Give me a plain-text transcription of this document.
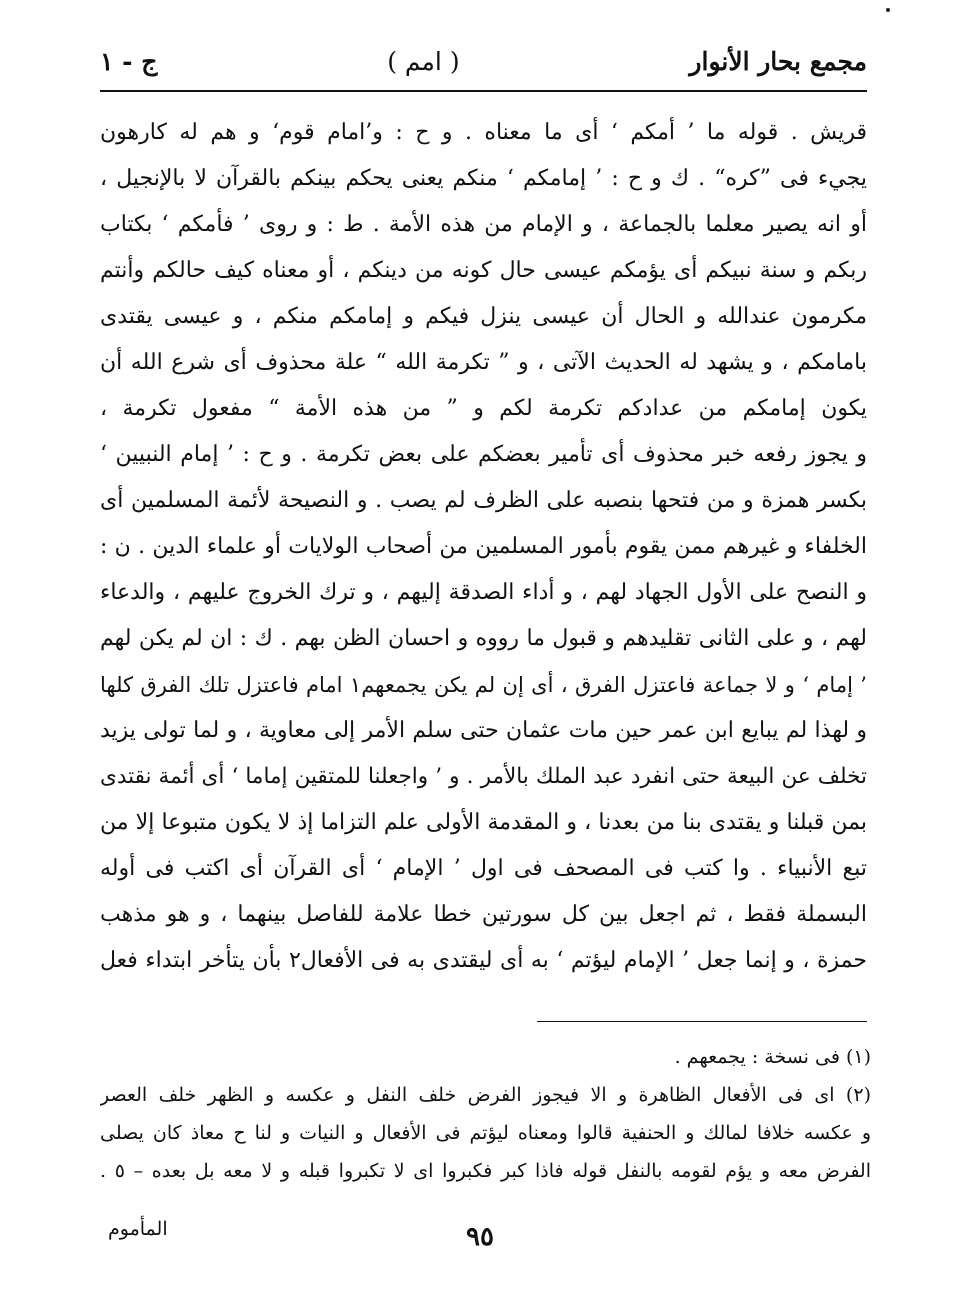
مجمع بحار الأنوار
( امم )
ج - ١
قريش . قوله ما ’ أمكم ‘ أى ما معناه . و ح : و’امام قوم‘ و هم له كارهون
يجيء فى ”كره“ . ك و ح : ’ إمامكم ‘ منكم يعنى يحكم بينكم بالقرآن لا بالإنجيل ،
أو انه يصير معلما بالجماعة ، و الإمام من هذه الأمة . ط : و روى ’ فأمكم ‘ بكتاب
ربكم و سنة نبيكم أى يؤمكم عيسى حال كونه من دينكم ، أو معناه كيف حالكم وأنتم
مكرمون عندالله و الحال أن عيسى ينزل فيكم و إمامكم منكم ، و عيسى يقتدى
بامامكم ، و يشهد له الحديث الآتى ، و ” تكرمة الله “ علة محذوف أى شرع الله أن
يكون إمامكم من عدادكم تكرمة لكم و ” من هذه الأمة “ مفعول تكرمة ،
و يجوز رفعه خبر محذوف أى تأمير بعضكم على بعض تكرمة . و ح : ’ إمام النبيين ‘
بكسر همزة و من فتحها بنصبه على الظرف لم يصب . و النصيحة لأئمة المسلمين أى
الخلفاء و غيرهم ممن يقوم بأمور المسلمين من أصحاب الولايات أو علماء الدين . ن :
و النصح على الأول الجهاد لهم ، و أداء الصدقة إليهم ، و ترك الخروج عليهم ، والدعاء
لهم ، و على الثانى تقليدهم و قبول ما رووه و احسان الظن بهم . ك : ان لم يكن لهم
’ إمام ‘ و لا جماعة فاعتزل الفرق ، أى إن لم يكن يجمعهم١ امام فاعتزل تلك الفرق كلها
و لهذا لم يبايع ابن عمر حين مات عثمان حتى سلم الأمر إلى معاوية ، و لما تولى يزيد
تخلف عن البيعة حتى انفرد عبد الملك بالأمر . و ’ واجعلنا للمتقين إماما ‘ أى أئمة نقتدى
بمن قبلنا و يقتدى بنا من بعدنا ، و المقدمة الأولى علم التزاما إذ لا يكون متبوعا إلا من
تبع الأنبياء . وا كتب فى المصحف فى اول ’ الإمام ‘ أى القرآن أى اكتب فى أوله
البسملة فقط ، ثم اجعل بين كل سورتين خطا علامة للفاصل بينهما ، و هو مذهب
حمزة ، و إنما جعل ’ الإمام ليؤتم ‘ به أى ليقتدى به فى الأفعال٢ بأن يتأخر ابتداء فعل
(١) فى نسخة : يجمعهم .
(٢) اى فى الأفعال الظاهرة و الا فيجوز الفرض خلف النفل و عكسه و الظهر خلف العصر
و عكسه خلافا لمالك و الحنفية قالوا ومعناه ليؤتم فى الأفعال و النيات و لنا ح معاذ كان يصلى
الفرض معه و يؤم لقومه بالنفل قوله فاذا كبر فكبروا اى لا تكبروا قبله و لا معه بل بعده – ٥ .
المأموم	٩٥
